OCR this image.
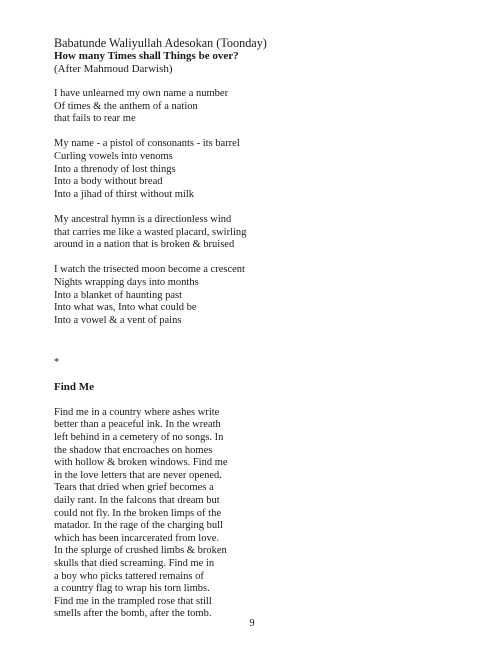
Babatunde Waliyullah Adesokan (Toonday)
How many Times shall Things be over?
(After Mahmoud Darwish)
I have unlearned my own name a number
Of times & the anthem of a nation
that fails to rear me
My name - a pistol of consonants - its barrel
Curling vowels into venoms
Into a threnody of lost things
Into a body without bread
Into a jihad of thirst without milk
My ancestral hymn is a directionless wind
that carries me like a wasted placard, swirling
around in a nation that is broken & bruised
I watch the trisected moon become a crescent
Nights wrapping days into months
Into a blanket of haunting past
Into what was, Into what could be
Into a vowel & a vent of pains
*
Find Me
Find me in a country where ashes write
better than a peaceful ink. In the wreath
left behind in a cemetery of no songs. In
the shadow that encroaches on homes
with hollow & broken windows. Find me
in the love letters that are never opened.
Tears that dried when grief becomes a
daily rant. In the falcons that dream but
could not fly. In the broken limps of the
matador. In the rage of the charging bull
which has been incarcerated from love.
In the splurge of crushed limbs & broken
skulls that died screaming. Find me in
a boy who picks tattered remains of
a country flag to wrap his torn limbs.
Find me in the trampled rose that still
smells after the bomb, after the tomb.
9
